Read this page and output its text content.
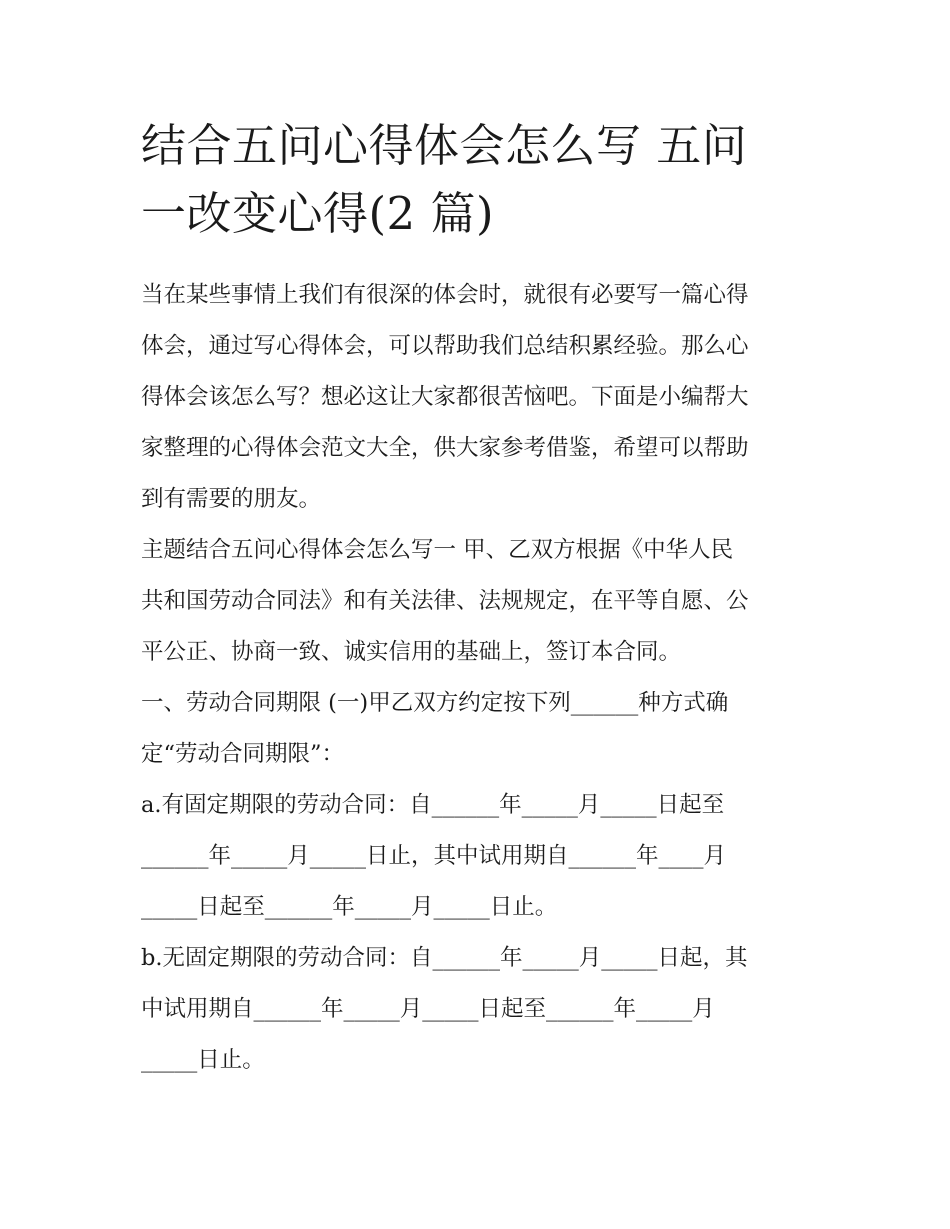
结合五问心得体会怎么写 五问
一改变心得(2 篇)
当在某些事情上我们有很深的体会时，就很有必要写一篇心得
体会，通过写心得体会，可以帮助我们总结积累经验。那么心
得体会该怎么写？想必这让大家都很苦恼吧。下面是小编帮大
家整理的心得体会范文大全，供大家参考借鉴，希望可以帮助
到有需要的朋友。
主题结合五问心得体会怎么写一 甲、乙双方根据《中华人民
共和国劳动合同法》和有关法律、法规规定，在平等自愿、公
平公正、协商一致、诚实信用的基础上，签订本合同。
一、劳动合同期限 (一)甲乙双方约定按下列______种方式确
定“劳动合同期限”：
a.有固定期限的劳动合同：自______年_____月_____日起至
______年_____月_____日止，其中试用期自______年____月
_____日起至______年_____月_____日止。
b.无固定期限的劳动合同：自______年_____月_____日起，其
中试用期自______年_____月_____日起至______年_____月
_____日止。
